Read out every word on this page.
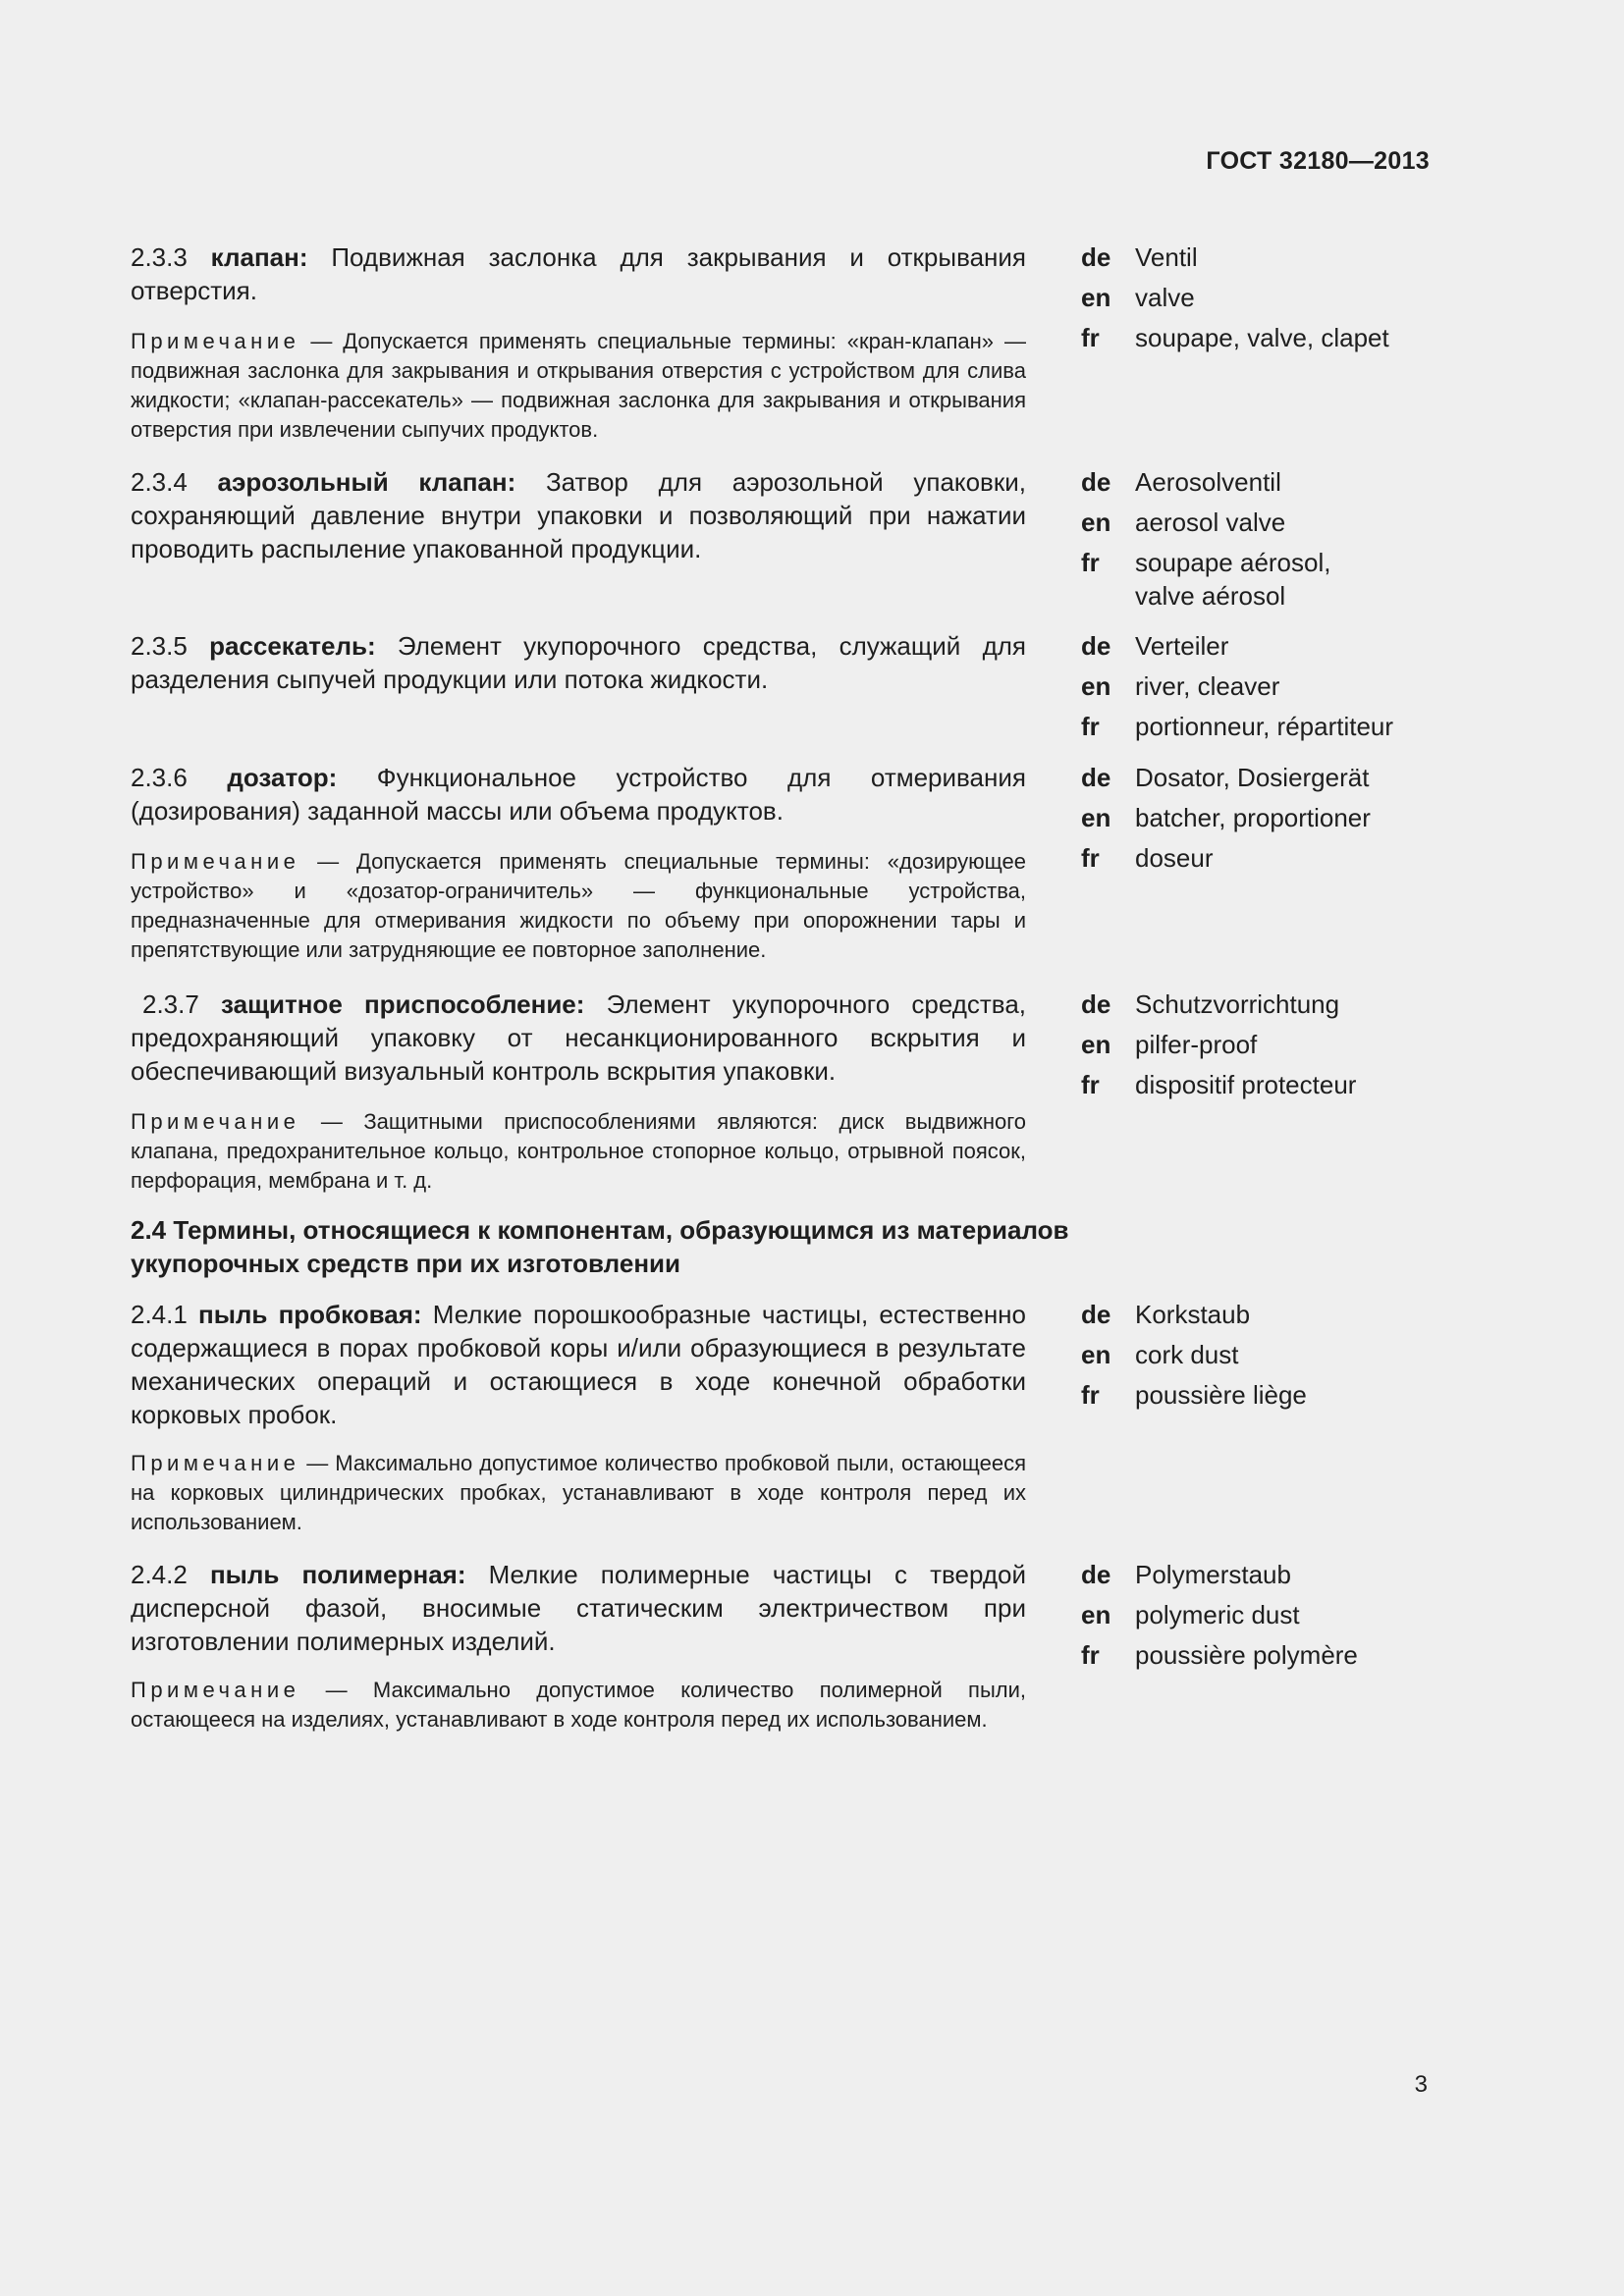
ГОСТ 32180—2013
2.3.3 клапан: Подвижная заслонка для закрывания и открывания отверстия.
Примечание — Допускается применять специальные термины: «кран-клапан» — подвижная заслонка для закрывания и открывания отверстия с устройством для слива жидкости; «клапан-рассекатель» — подвижная заслонка для закрывания и открывания отверстия при извлечении сыпучих продуктов.
de Ventil
en valve
fr	soupape, valve, clapet
2.3.4 аэрозольный клапан: Затвор для аэрозольной упаковки, сохраняющий давление внутри упаковки и позволяющий при нажатии проводить распыление упакованной продукции.
de Aerosolventil
en aerosol valve
fr	soupape aérosol, valve aérosol
2.3.5 рассекатель: Элемент укупорочного средства, служащий для разделения сыпучей продукции или потока жидкости.
de Verteiler
en river, cleaver
fr	portionneur, répartiteur
2.3.6 дозатор: Функциональное устройство для отмеривания (дозирования) заданной массы или объема продуктов.
Примечание — Допускается применять специальные термины: «дозирующее устройство» и «дозатор-ограничитель» — функциональные устройства, предназначенные для отмеривания жидкости по объему при опорожнении тары и препятствующие или затрудняющие ее повторное заполнение.
de Dosator, Dosiergerät
en batcher, proportioner
fr	doseur
2.3.7 защитное приспособление: Элемент укупорочного средства, предохраняющий упаковку от несанкционированного вскрытия и обеспечивающий визуальный контроль вскрытия упаковки.
Примечание — Защитными приспособлениями являются: диск выдвижного клапана, предохранительное кольцо, контрольное стопорное кольцо, отрывной поясок, перфорация, мембрана и т. д.
de Schutzvorrichtung
en pilfer-proof
fr	dispositif protecteur
2.4 Термины, относящиеся к компонентам, образующимся из материалов укупорочных средств при их изготовлении
2.4.1 пыль пробковая: Мелкие порошкообразные частицы, естественно содержащиеся в порах пробковой коры и/или образующиеся в результате механических операций и остающиеся в ходе конечной обработки корковых пробок.
Примечание — Максимально допустимое количество пробковой пыли, остающееся на корковых цилиндрических пробках, устанавливают в ходе контроля перед их использованием.
de Korkstaub
en cork dust
fr	poussière liège
2.4.2 пыль полимерная: Мелкие полимерные частицы с твердой дисперсной фазой, вносимые статическим электричеством при изготовлении полимерных изделий.
Примечание — Максимально допустимое количество полимерной пыли, остающееся на изделиях, устанавливают в ходе контроля перед их использованием.
de Polymerstaub
en polymeric dust
fr	poussière polymère
3
